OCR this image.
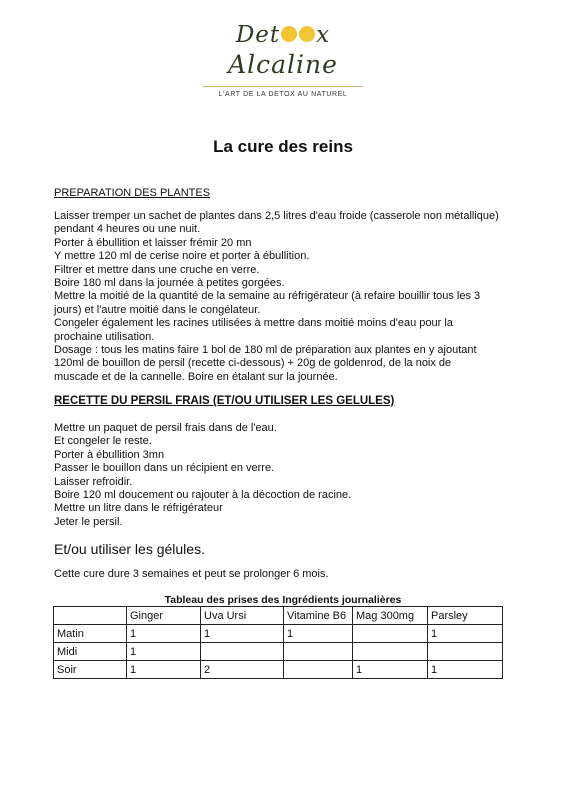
Det x
Alcaline
L'ART DE LA DETOX AU NATUREL
La cure des reins
PREPARATION DES PLANTES
Laisser tremper un sachet de plantes dans 2,5 litres d'eau froide (casserole non métallique)
pendant 4 heures ou une nuit.
Porter à ébullition et laisser frémir 20 mn
Y mettre 120 ml de cerise noire et porter à ébullition.
Filtrer et mettre dans une cruche en verre.
Boire 180 ml dans la journée à petites gorgées.
Mettre la moitié de la quantité de la semaine au réfrigérateur (à refaire bouillir tous les 3
jours) et l'autre moitié dans le congélateur.
Congeler également les racines utilisées à mettre dans moitié moins d'eau pour la
prochaine utilisation.
Dosage : tous les matins faire 1 bol de 180 ml de préparation aux plantes en y ajoutant
120ml de bouillon de persil (recette ci-dessous) + 20g de goldenrod, de la noix de
muscade et de la cannelle. Boire en étalant sur la journée.
RECETTE DU PERSIL FRAIS (ET/OU UTILISER LES GELULES)
Mettre un paquet de persil frais dans de l'eau.
Et congeler le reste.
Porter à ébullition 3mn
Passer le bouillon dans un récipient en verre.
Laisser refroidir.
Boire 120 ml doucement ou rajouter à la décoction de racine.
Mettre un litre dans le réfrigérateur
Jeter le persil.
Et/ou utiliser les gélules.
Cette cure dure 3 semaines et peut se prolonger 6 mois.
Tableau des prises des Ingrédients journalières
	Ginger	Uva Ursi	Vitamine B6	Mag 300mg	Parsley
Matin	1	1	1		1
Midi	1				
Soir	1	2		1	1
